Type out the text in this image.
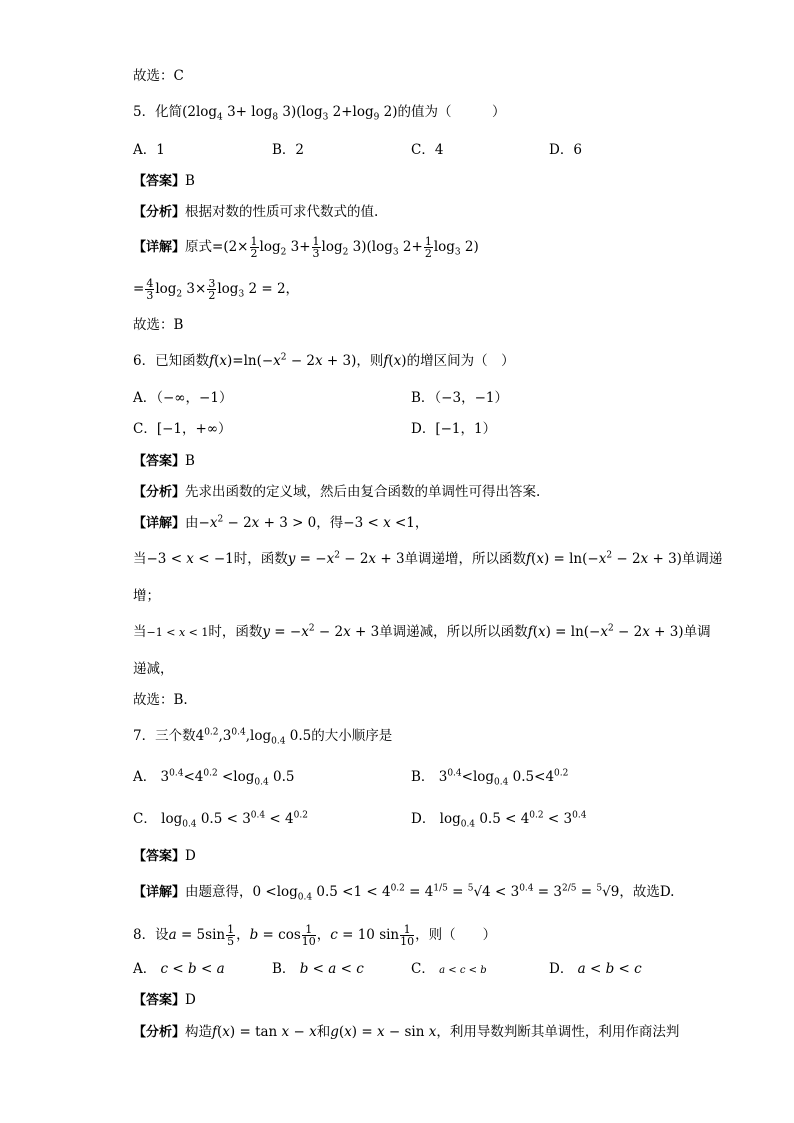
故选：C
5．化简($2\log_4$ $3+ \log_8 3)(\log_3$ $2+\log_9$ 2)的值为（　　　）
A．1	B．2	C．4	D．6
【答案】B
【分析】根据对数的性质可求代数式的值.
【详解】原式$=(2\times \frac{1}{2} \log_2 3+ \frac{1}{3} \log_2 3)(\log_3$ $2+ \frac{1}{2} \log_3 2$)
= $\frac{4}{3} \log_2 3\times \frac{3}{2} \log_3 2 = 2$，
故选：B
6．已知函数$f(x)=\ln(-x^2 - 2x + 3)$，则f(x)的增区间为（　）
A．（−∞，−1）	B．（−3，−1）
C．[−1，+∞）	D．[−1，1）
【答案】B
【分析】先求出函数的定义域，然后由复合函数的单调性可得出答案.
【详解】由$-x^2 - 2x + 3 > 0$，得−3 < x <1，
当−3 < x < −1时，函数$y = -x^2 - 2x + 3$单调递增，所以函数$f(x) = \ln(-x^2 - 2x + 3)$单调递
增；
当−1 < x < 1时，函数$y = -x^2 - 2x + 3$单调递减，所以所以函数$f(x) = \ln(-x^2 - 2x + 3)$单调
递减，
故选：B.
7．三个数$4^{0.2},3^{0.4},\log_{0.4}$ 0.5的大小顺序是
A． $3^{0.4}<4^{0.2} <\log_{0.4}$ 0.5	B． $3^{0.4}<\log_{0.4}$ $0.5<4^{0.2}$
C． $\log_{0.4} 0.5 < 3^{0.4} < 4^{0.2}$	D． $\log_{0.4} 0.5 < 4^{0.2} < 3^{0.4}$
【答案】D
【详解】由题意得，$0 <\log_{0.4}$ $0.5 <1 < 4^{0.2} = 4^{1/5} = ^5√4 < 3^{0.4} = 3^{2/5} = ^5√9$，故选D.
8．设$a = 5\sin \frac{1}{5}$ ，$b = \cos \frac{1}{10}$ ，c = 10 $\sin \frac{1}{10}$ ，则（　　）
A． c < b < a	B． b < a < c	C． a < c < b	D． a < b < c
【答案】D
【分析】构造f(x) = tan x − x和g(x) = x − sin x，利用导数判断其单调性，利用作商法判
